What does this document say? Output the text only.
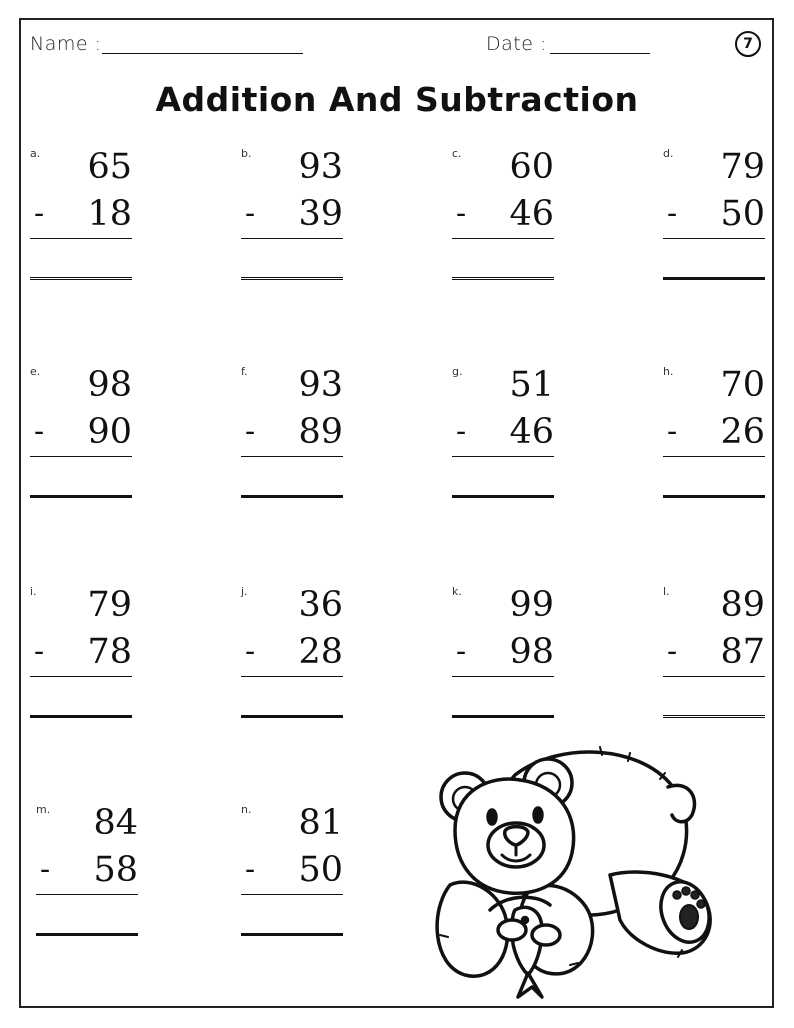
Name :	Date :	7
Addition And Subtraction
a. 65
- 18
b. 93
- 39
c. 60
- 46
d. 79
- 50
e. 98
- 90
f. 93
- 89
g. 51
- 46
h. 70
- 26
i. 79
- 78
j. 36
- 28
k. 99
- 98
l. 89
- 87
m. 84
- 58
n. 81
- 50
